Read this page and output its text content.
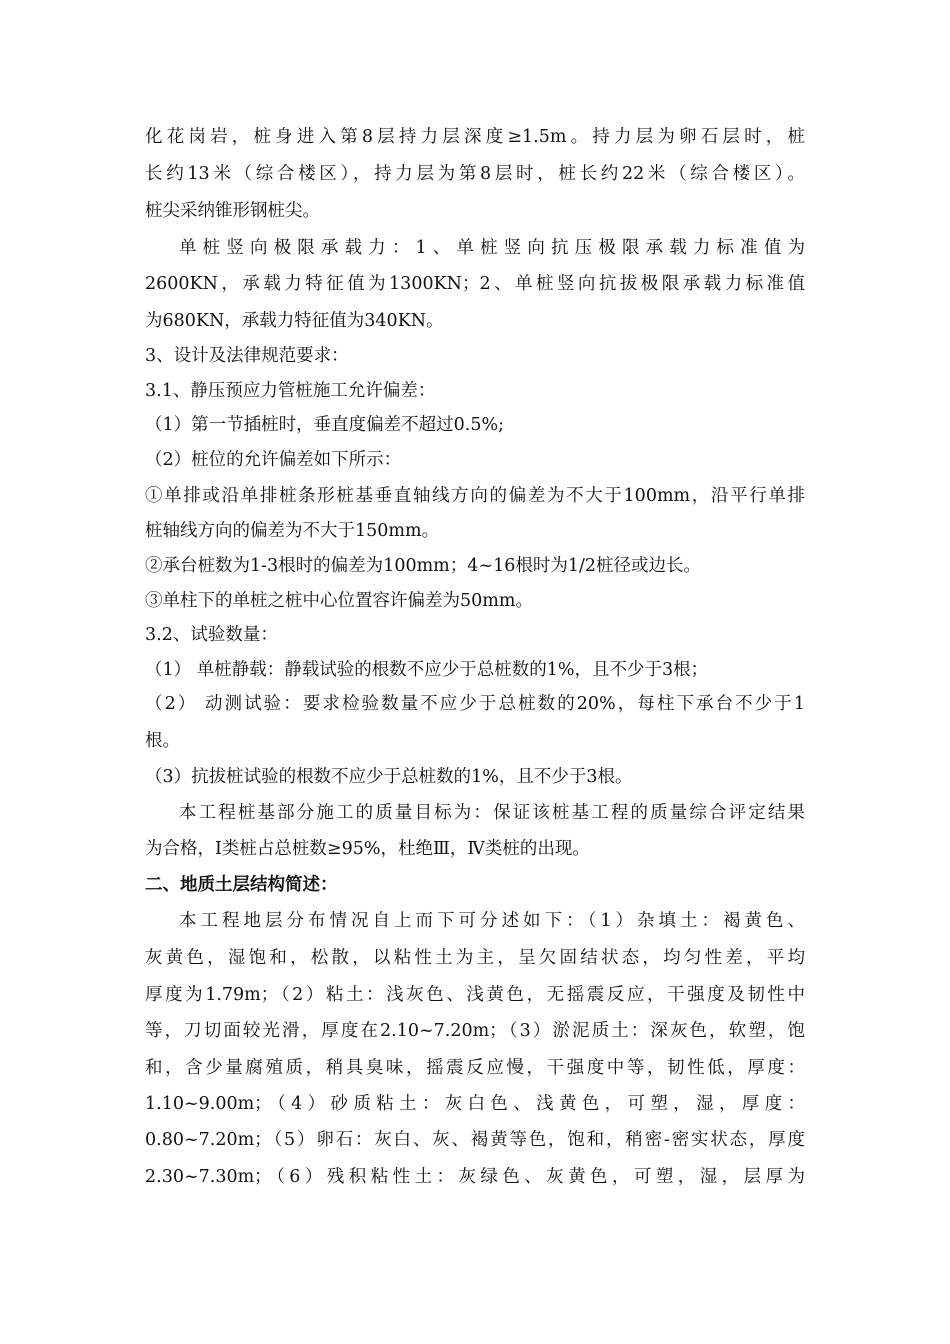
化花岗岩，桩身进入第8层持力层深度≥1.5m。持力层为卵石层时，桩
长约13米（综合楼区），持力层为第8层时，桩长约22米（综合楼区）。
桩尖采纳锥形钢桩尖。
单桩竖向极限承载力：1、单桩竖向抗压极限承载力标准值为
2600KN，承载力特征值为1300KN；2、单桩竖向抗拔极限承载力标准值
为680KN，承载力特征值为340KN。
3、设计及法律规范要求：
3.1、静压预应力管桩施工允许偏差：
（1）第一节插桩时，垂直度偏差不超过0.5%;
（2）桩位的允许偏差如下所示：
①单排或沿单排桩条形桩基垂直轴线方向的偏差为不大于100mm，沿平行单排
桩轴线方向的偏差为不大于150mm。
②承台桩数为1-3根时的偏差为100mm；4~16根时为1/2桩径或边长。
③单柱下的单桩之桩中心位置容许偏差为50mm。
3.2、试验数量：
（1） 单桩静载：静载试验的根数不应少于总桩数的1%，且不少于3根；
（2） 动测试验：要求检验数量不应少于总桩数的20%，每柱下承台不少于1
根。
（3）抗拔桩试验的根数不应少于总桩数的1%，且不少于3根。
本工程桩基部分施工的质量目标为：保证该桩基工程的质量综合评定结果
为合格，Ⅰ类桩占总桩数≥95%，杜绝Ⅲ，Ⅳ类桩的出现。
二、地质土层结构简述：
本工程地层分布情况自上而下可分述如下：（1）杂填土：褐黄色、
灰黄色，湿饱和，松散，以粘性土为主，呈欠固结状态，均匀性差，平均
厚度为1.79m；（2）粘土：浅灰色、浅黄色，无摇震反应，干强度及韧性中
等，刀切面较光滑，厚度在2.10~7.20m；（3）淤泥质土：深灰色，软塑，饱
和，含少量腐殖质，稍具臭味，摇震反应慢，干强度中等，韧性低，厚度：
1.10~9.00m；（4）砂质粘土：灰白色、浅黄色，可塑，湿，厚度：
0.80~7.20m；（5）卵石：灰白、灰、褐黄等色，饱和，稍密-密实状态，厚度
2.30~7.30m；（6）残积粘性土：灰绿色、灰黄色，可塑，湿，层厚为
